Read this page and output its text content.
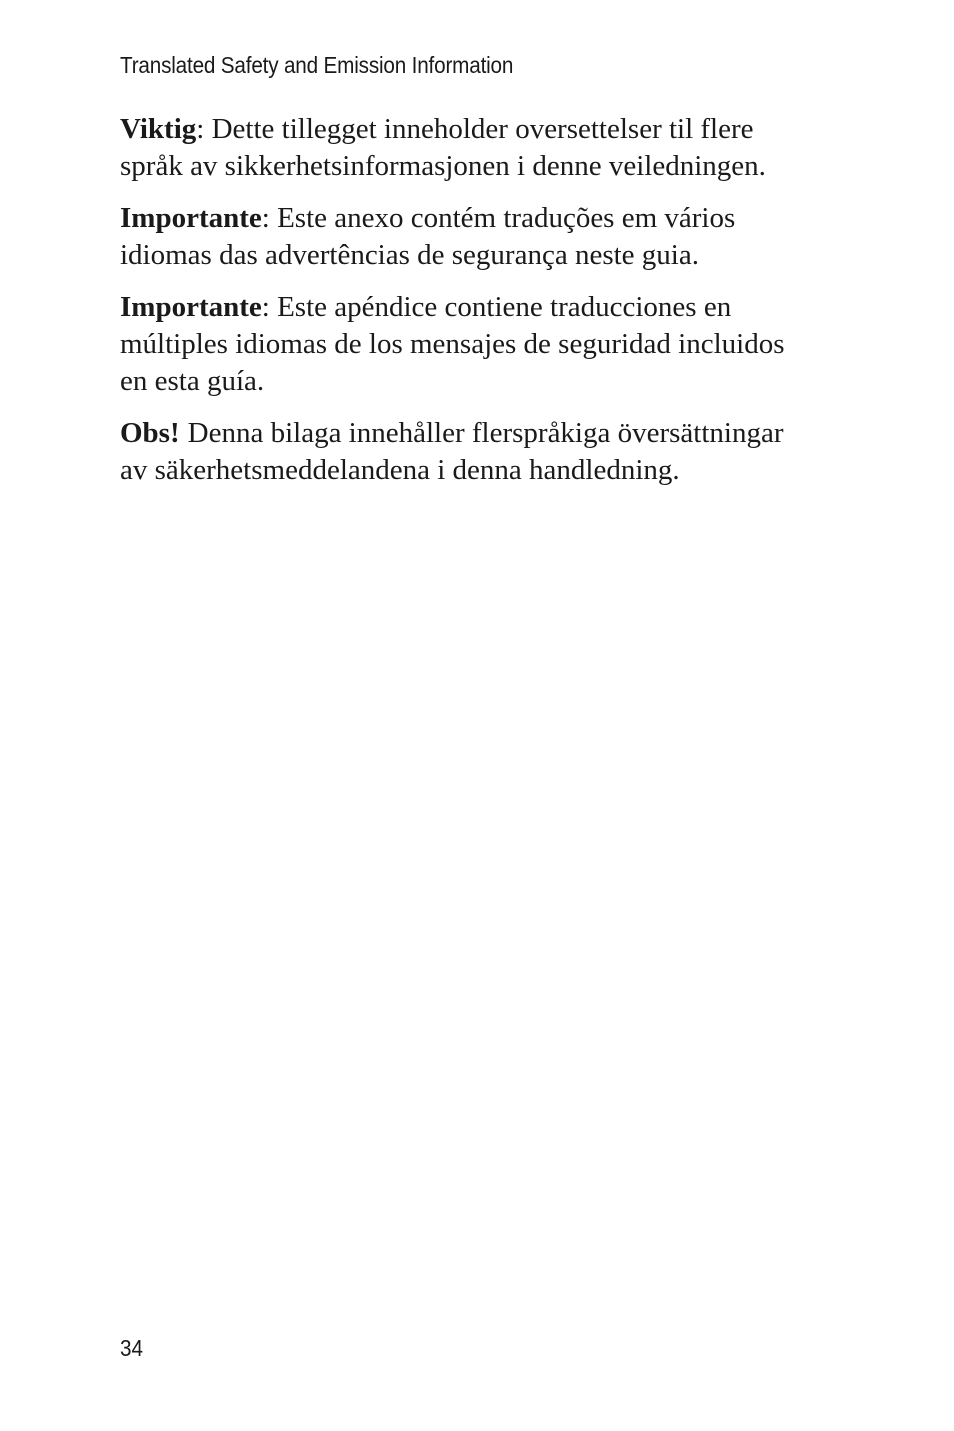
Translated Safety and Emission Information

Viktig: Dette tillegget inneholder oversettelser til flere språk av sikkerhetsinformasjonen i denne veiledningen.

Importante: Este anexo contém traduções em vários idiomas das advertências de segurança neste guia.

Importante: Este apéndice contiene traducciones en múltiples idiomas de los mensajes de seguridad incluidos en esta guía.

Obs! Denna bilaga innehåller flerspråkiga översättningar av säkerhetsmeddelandena i denna handledning.

34
